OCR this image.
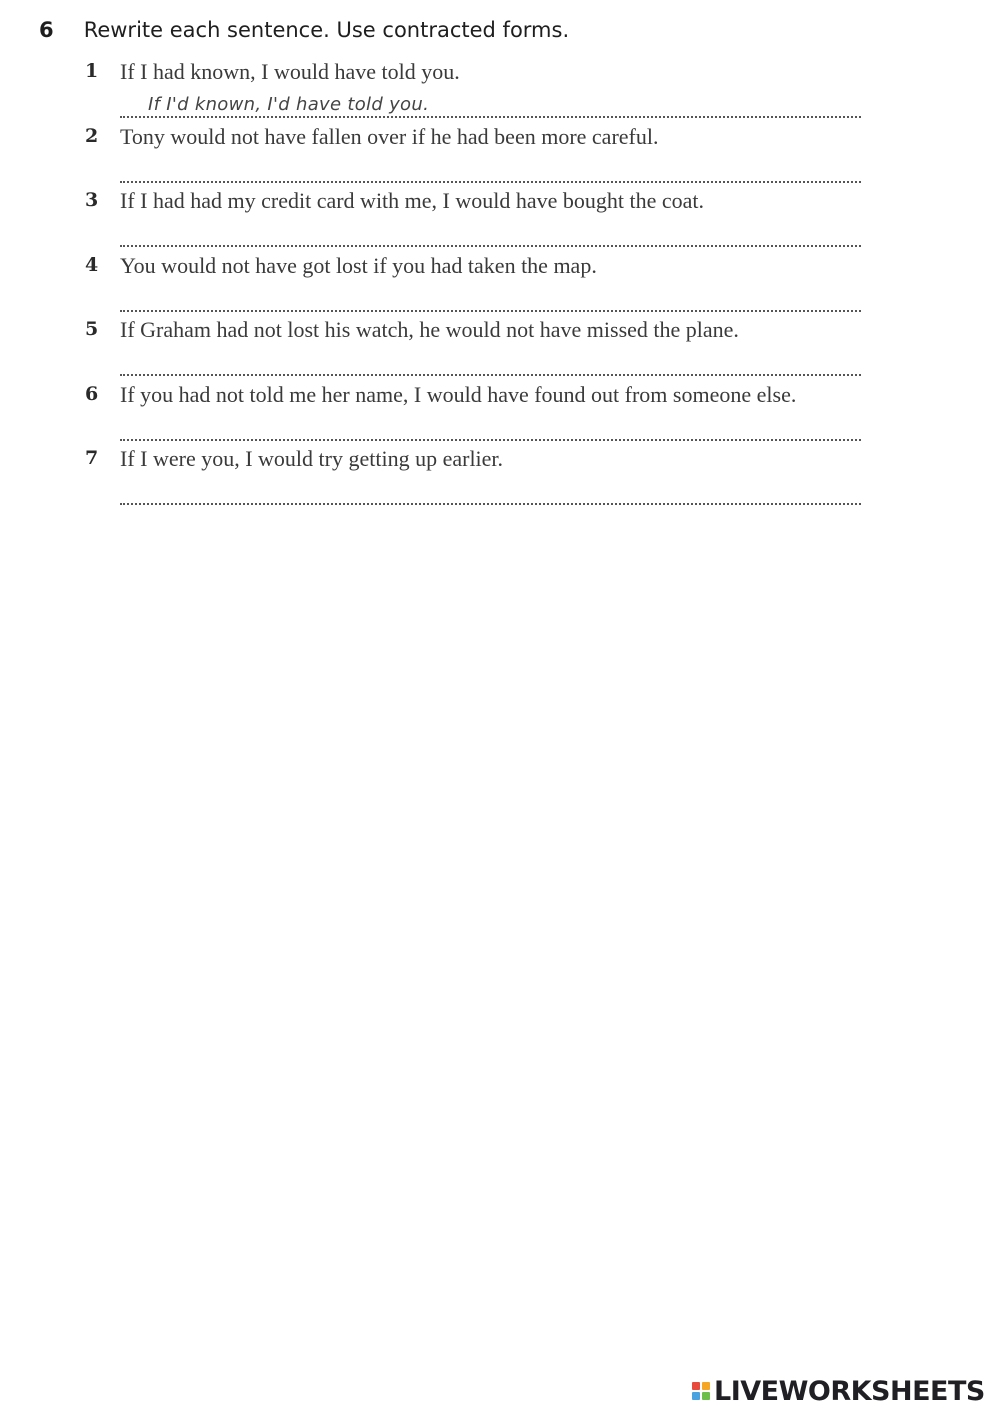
6 Rewrite each sentence. Use contracted forms.
1 If I had known, I would have told you.
If I'd known, I'd have told you.
2 Tony would not have fallen over if he had been more careful.
3 If I had had my credit card with me, I would have bought the coat.
4 You would not have got lost if you had taken the map.
5 If Graham had not lost his watch, he would not have missed the plane.
6 If you had not told me her name, I would have found out from someone else.
7 If I were you, I would try getting up earlier.
LIVEWORKSHEETS
